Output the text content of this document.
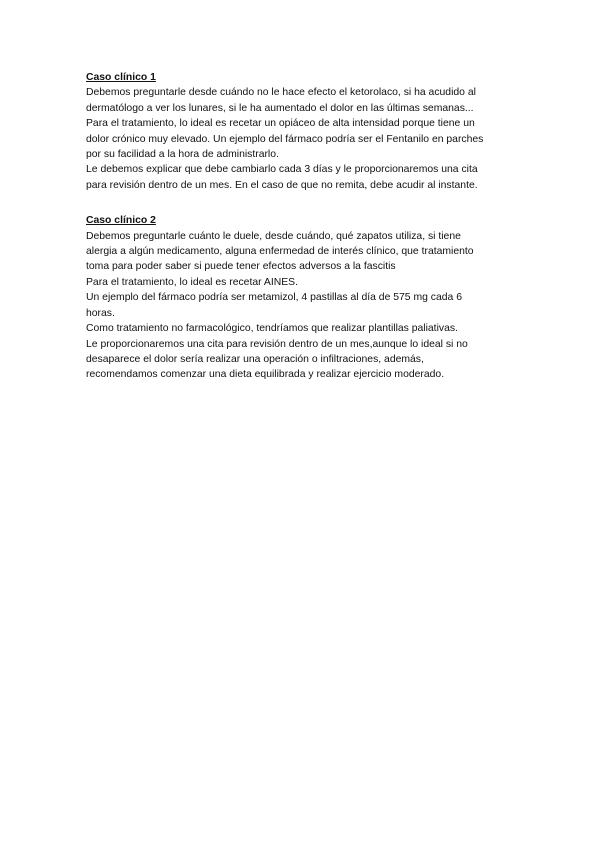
Caso clínico 1

Debemos preguntarle desde cuándo no le hace efecto el ketorolaco, si ha acudido al
dermatólogo a ver los lunares, si le ha aumentado el dolor en las últimas semanas...

Para el tratamiento, lo ideal es recetar un opiáceo de alta intensidad porque tiene un
dolor crónico muy elevado. Un ejemplo del fármaco podría ser el Fentanilo en parches
por su facilidad a la hora de administrarlo.

Le debemos explicar que debe cambiarlo cada 3 días y le proporcionaremos una cita
para revisión dentro de un mes. En el caso de que no remita, debe acudir al instante.

Caso clínico 2

Debemos preguntarle cuánto le duele, desde cuándo, qué zapatos utiliza, si tiene
alergia a algún medicamento, alguna enfermedad de interés clínico, que tratamiento
toma para poder saber si puede tener efectos adversos a la fascitis

Para el tratamiento, lo ideal es recetar AINES.

Un ejemplo del fármaco podría ser metamizol, 4 pastillas al día de 575 mg cada 6
horas.

Como tratamiento no farmacológico, tendríamos que realizar plantillas paliativas.

Le proporcionaremos una cita para revisión dentro de un mes,aunque lo ideal si no
desaparece el dolor sería realizar una operación o infiltraciones, además,
recomendamos comenzar una dieta equilibrada y realizar ejercicio moderado.
